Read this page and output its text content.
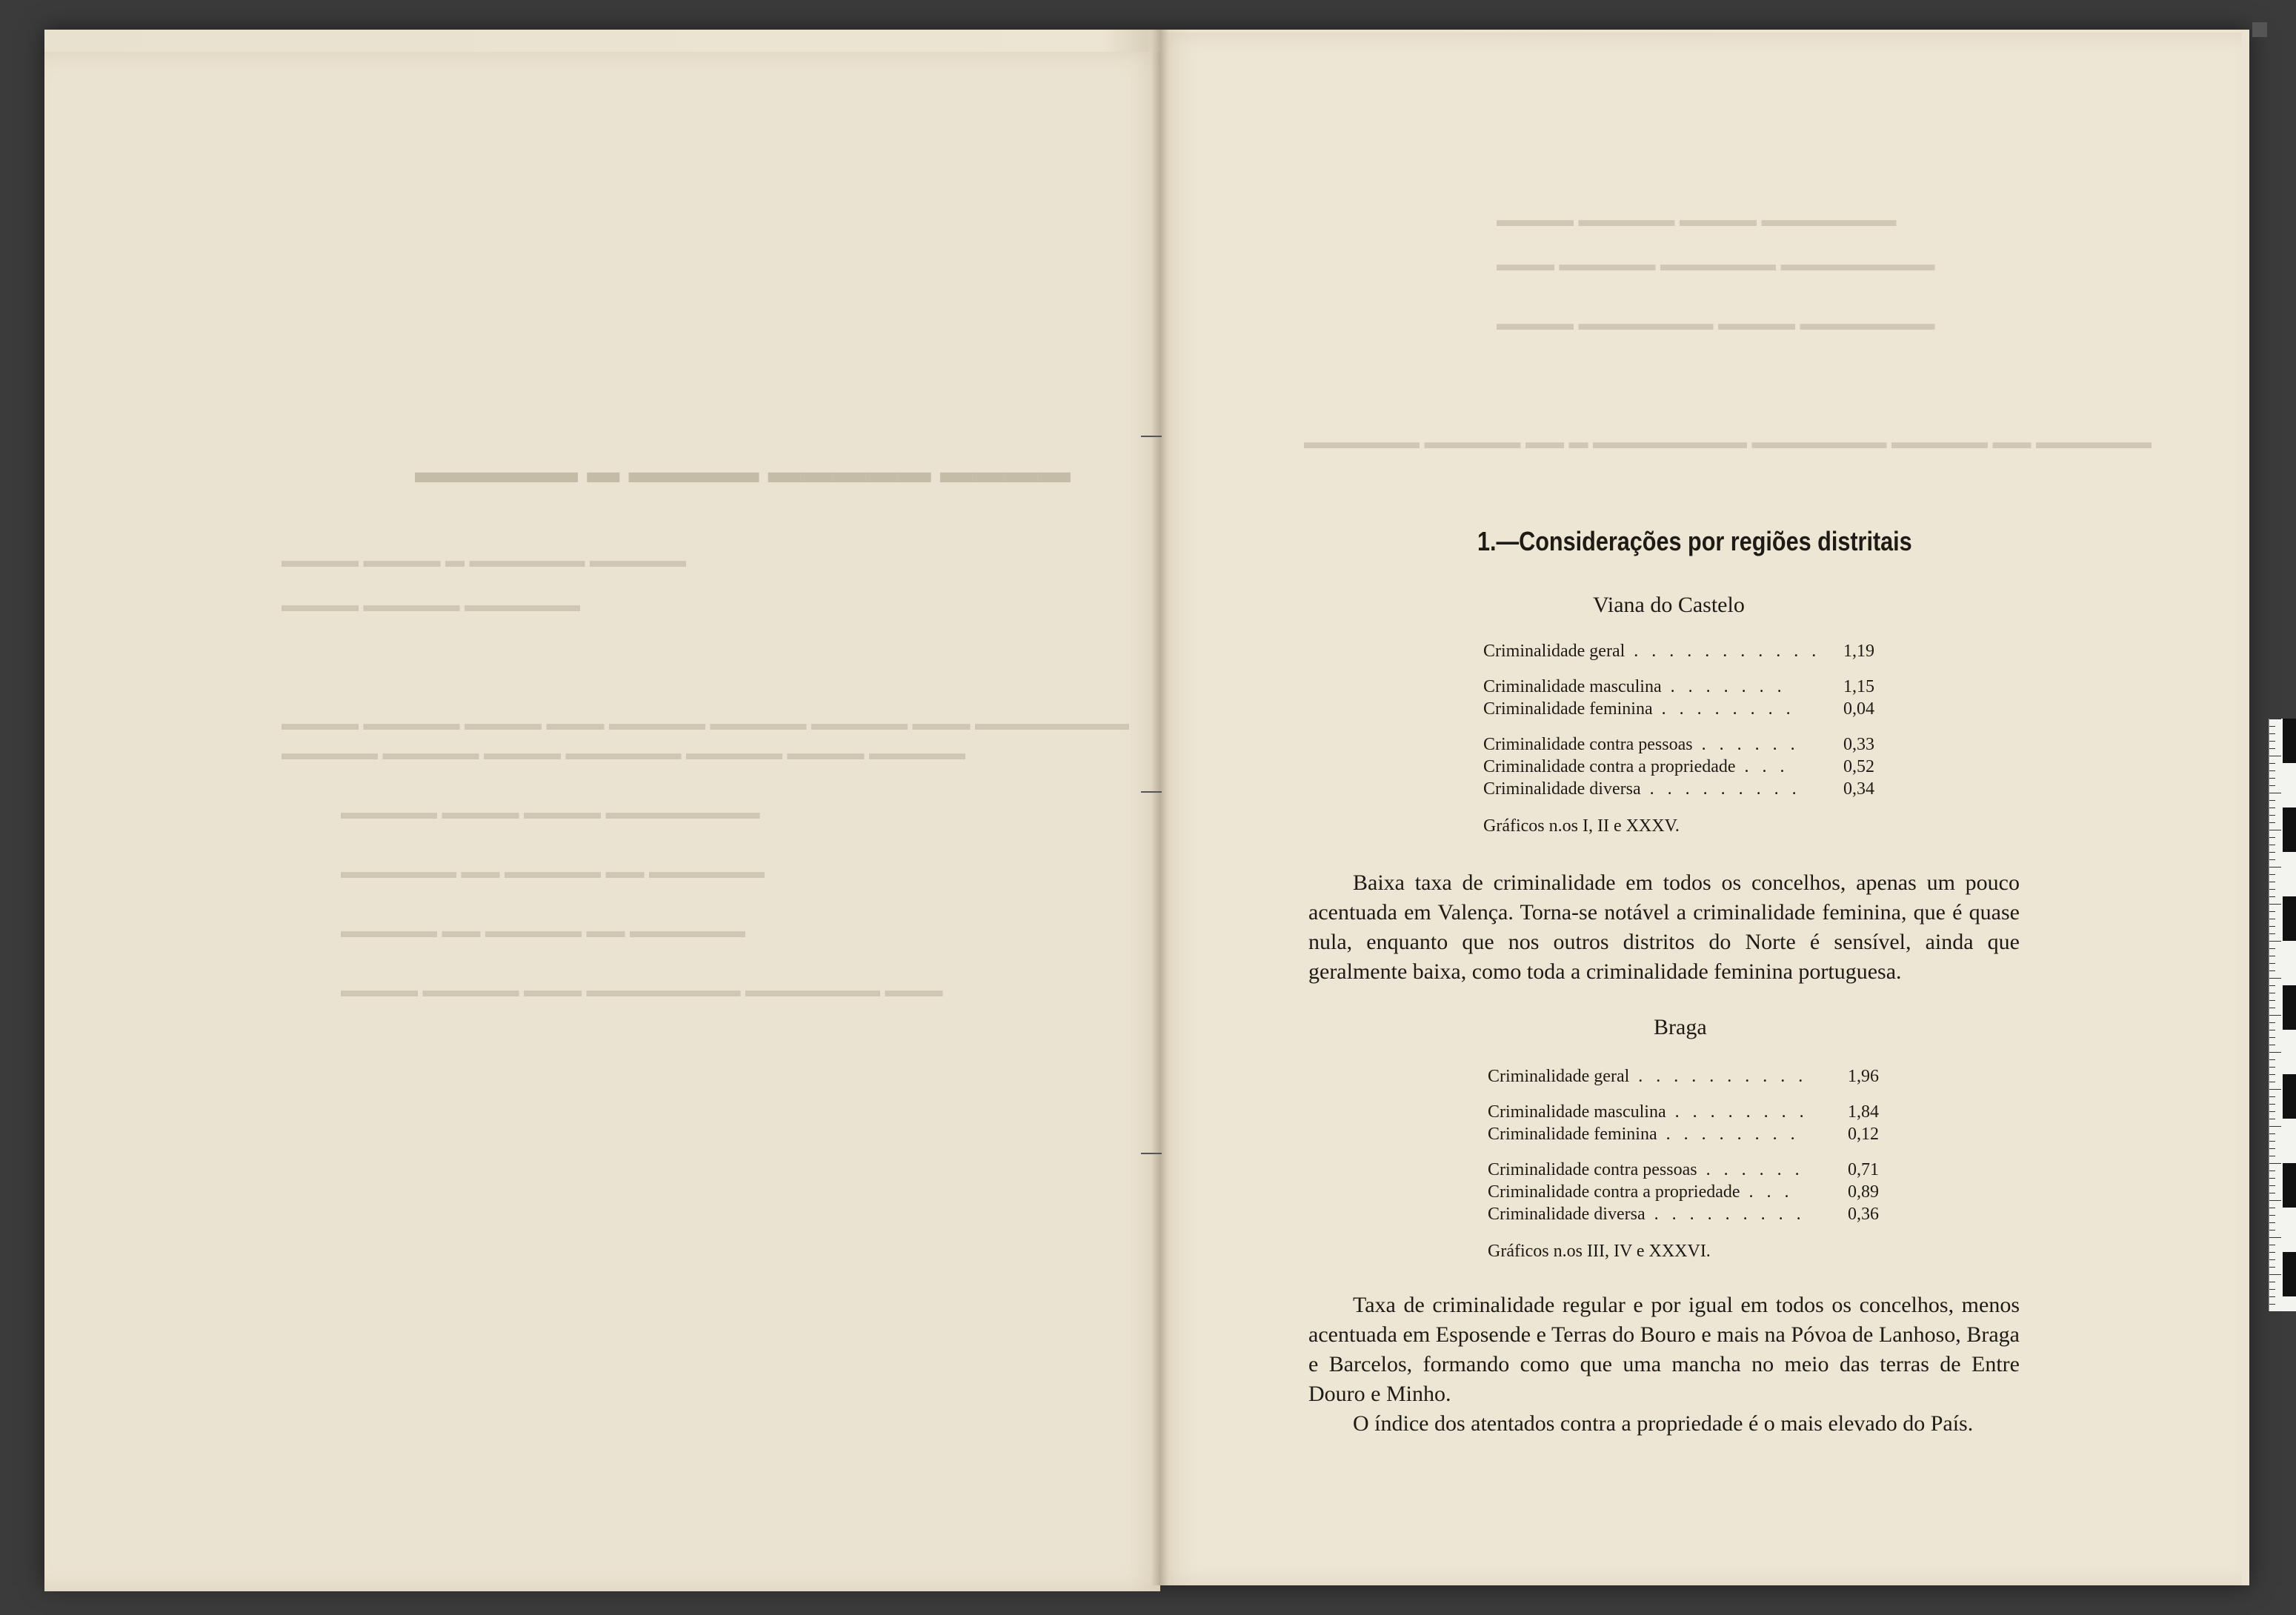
▬▬▬▬ ▬▬▬▬▬ ▬▬▬▬ ▬ ▬▬▬▬▬
▬▬▬▬▬ ▬▬▬▬▬▬ ▬ ▬▬▬▬ ▬▬▬▬
▬▬▬▬▬▬ ▬▬▬▬▬ ▬▬▬▬
▬▬▬▬▬▬▬▬ ▬▬▬ ▬▬▬▬▬ ▬▬▬▬▬ ▬▬▬▬▬ ▬▬▬ ▬▬▬▬ ▬▬▬▬▬ ▬▬▬▬
▬▬▬▬▬ ▬▬▬▬ ▬▬▬▬▬ ▬▬▬▬▬▬ ▬▬▬▬ ▬▬▬▬▬ ▬▬▬▬▬
▬▬▬▬▬▬▬▬ ▬▬▬▬ ▬▬▬▬ ▬▬▬▬▬
▬▬▬▬▬▬ ▬▬ ▬▬▬▬▬ ▬▬ ▬▬▬▬▬▬
▬▬▬▬▬▬ ▬▬ ▬▬▬▬▬ ▬▬ ▬▬▬▬▬
▬▬▬ ▬▬▬▬▬▬▬ ▬▬▬▬▬▬▬▬ ▬▬▬ ▬▬▬▬▬ ▬▬▬▬
▬▬▬▬▬▬▬ ▬▬▬▬ ▬▬▬▬▬ ▬▬▬▬
▬▬▬▬▬▬▬▬ ▬▬▬▬▬▬ ▬▬▬▬▬ ▬▬▬
▬▬▬▬▬▬▬ ▬▬▬▬ ▬▬▬▬▬▬▬ ▬▬▬▬
▬▬▬▬▬▬ ▬▬ ▬▬▬▬▬ ▬▬▬▬▬▬▬ ▬▬▬▬▬▬▬▬ ▬ ▬▬ ▬▬▬▬▬ ▬▬▬▬▬▬
1.—Considerações por regiões distritais
Viana do Castelo
Criminalidade geral . . . . . . . . . . . 1,19
Criminalidade masculina . . . . . . .	1,15
Criminalidade feminina . . . . . . . .	0,04
Criminalidade contra pessoas . . . . . . 0,33
Criminalidade contra a propriedade . . .	0,52
Criminalidade diversa . . . . . . . . . 0,34
Gráficos n.os I, II e XXXV.
Baixa taxa de criminalidade em todos os concelhos, apenas um pouco acentuada em Valença. Torna-se notável a criminalidade feminina, que é quase nula, enquanto que nos outros distritos do Norte é sensível, ainda que geralmente baixa, como toda a criminalidade feminina portuguesa.
Braga
Criminalidade geral . . . . . . . . . . 1,96
Criminalidade masculina . . . . . . . . 1,84
Criminalidade feminina . . . . . . . .	0,12
Criminalidade contra pessoas . . . . . . 0,71
Criminalidade contra a propriedade . . .	0,89
Criminalidade diversa . . . . . . . . . 0,36
Gráficos n.os III, IV e XXXVI.
Taxa de criminalidade regular e por igual em todos os concelhos, menos acentuada em Esposende e Terras do Bouro e mais na Póvoa de Lanhoso, Braga e Barcelos, formando como que uma mancha no meio das terras de Entre Douro e Minho.
O índice dos atentados contra a propriedade é o mais elevado do País.
